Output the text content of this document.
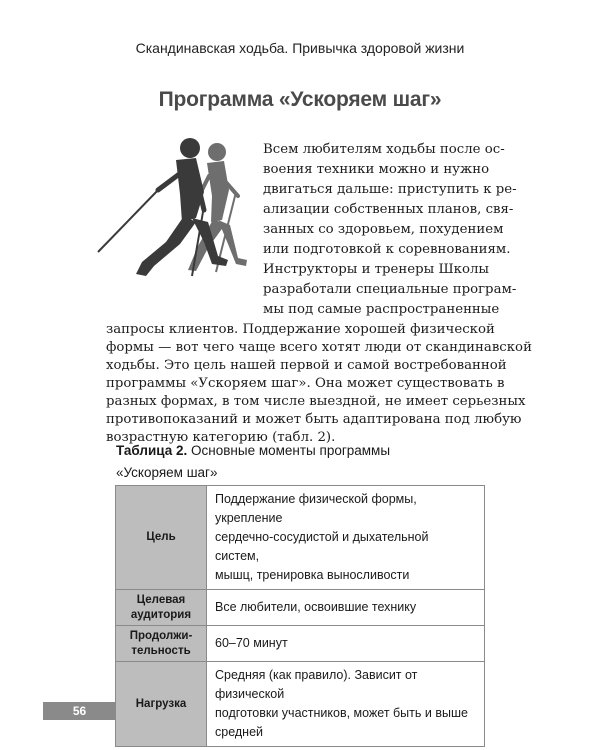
Скандинавская ходьба. Привычка здоровой жизни
Программа «Ускоряем шаг»
Всем любителям ходьбы после ос-
воения техники можно и нужно
двигаться дальше: приступить к ре-
ализации собственных планов, свя-
занных со здоровьем, похудением
или подготовкой к соревнованиям.
Инструкторы и тренеры Школы
разработали специальные програм-
мы под самые распространенные
запросы клиентов. Поддержание хорошей физической
формы — вот чего чаще всего хотят люди от скандинавской
ходьбы. Это цель нашей первой и самой востребованной
программы «Ускоряем шаг». Она может существовать в
разных формах, в том числе выездной, не имеет серьезных
противопоказаний и может быть адаптирована под любую
Таблица 2. Основные моменты программы
«Ускоряем шаг»
Цель	Поддержание физической формы, укрепление
сердечно-сосудистой и дыхательной систем,
мышц, тренировка выносливости

Целевая
аудитория	Все любители, освоившие технику

Продолжи-
тельность	60–70 минут

Нагрузка	Средняя (как правило). Зависит от физической
подготовки участников, может быть и выше
средней
56
возрастную категорию (табл. 2).
